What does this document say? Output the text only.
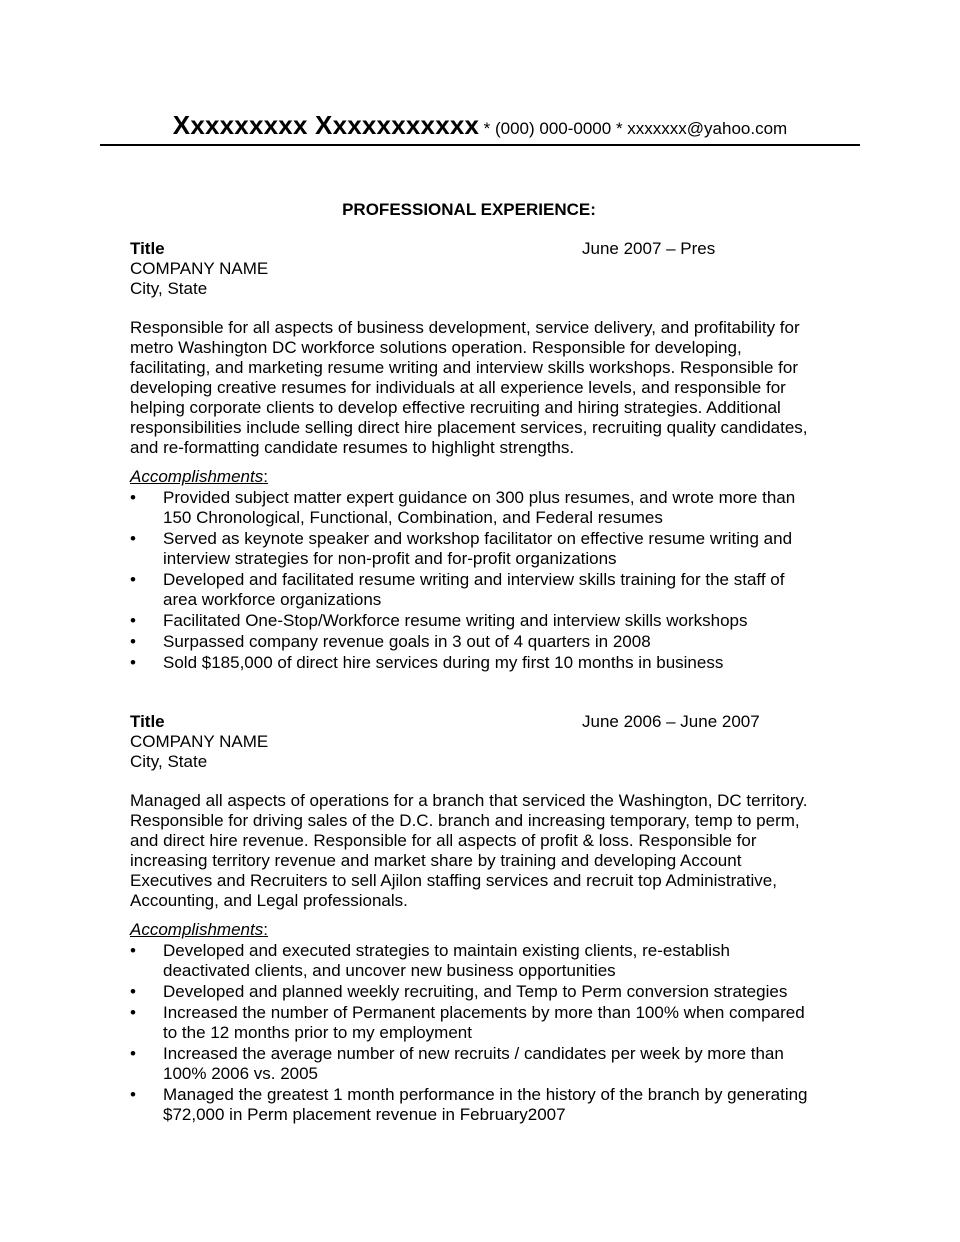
Xxxxxxxxx Xxxxxxxxxxx * (000) 000-0000 * xxxxxxx@yahoo.com
PROFESSIONAL EXPERIENCE:
Title	June 2007 – Pres
COMPANY NAME
City, State
Responsible for all aspects of business development, service delivery, and profitability for metro Washington DC workforce solutions operation. Responsible for developing, facilitating, and marketing resume writing and interview skills workshops. Responsible for developing creative resumes for individuals at all experience levels, and responsible for helping corporate clients to develop effective recruiting and hiring strategies. Additional responsibilities include selling direct hire placement services, recruiting quality candidates, and re-formatting candidate resumes to highlight strengths.
Accomplishments:
• Provided subject matter expert guidance on 300 plus resumes, and wrote more than 150 Chronological, Functional, Combination, and Federal resumes
• Served as keynote speaker and workshop facilitator on effective resume writing and interview strategies for non-profit and for-profit organizations
• Developed and facilitated resume writing and interview skills training for the staff of area workforce organizations
• Facilitated One-Stop/Workforce resume writing and interview skills workshops
• Surpassed company revenue goals in 3 out of 4 quarters in 2008
• Sold $185,000 of direct hire services during my first 10 months in business
Title	June 2006 – June 2007
COMPANY NAME
City, State
Managed all aspects of operations for a branch that serviced the Washington, DC territory. Responsible for driving sales of the D.C. branch and increasing temporary, temp to perm, and direct hire revenue. Responsible for all aspects of profit & loss. Responsible for increasing territory revenue and market share by training and developing Account Executives and Recruiters to sell Ajilon staffing services and recruit top Administrative, Accounting, and Legal professionals.
Accomplishments:
• Developed and executed strategies to maintain existing clients, re-establish deactivated clients, and uncover new business opportunities
• Developed and planned weekly recruiting, and Temp to Perm conversion strategies
• Increased the number of Permanent placements by more than 100% when compared to the 12 months prior to my employment
• Increased the average number of new recruits / candidates per week by more than 100% 2006 vs. 2005
• Managed the greatest 1 month performance in the history of the branch by generating $72,000 in Perm placement revenue in February2007
